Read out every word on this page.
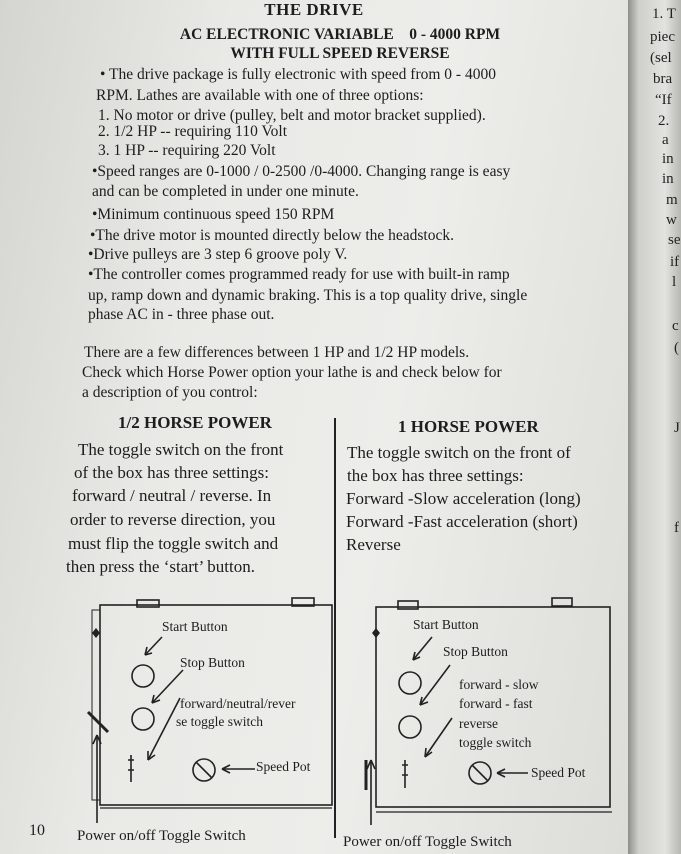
THE DRIVE
AC ELECTRONIC VARIABLE    0 - 4000 RPM
WITH FULL SPEED REVERSE
• The drive package is fully electronic with speed from 0 - 4000
RPM. Lathes are available with one of three options:
1. No motor or drive (pulley, belt and motor bracket supplied).
2. 1/2 HP -- requiring 110 Volt
3. 1 HP -- requiring 220 Volt
•Speed ranges are 0-1000 / 0-2500 /0-4000. Changing range is easy
and can be completed in under one minute.
•Minimum continuous speed 150 RPM
•The drive motor is mounted directly below the headstock.
•Drive pulleys are 3 step 6 groove poly V.
•The controller comes programmed ready for use with built-in ramp
up, ramp down and dynamic braking. This is a top quality drive, single
phase AC in - three phase out.
There are a few differences between 1 HP and 1/2 HP models.
Check which Horse Power option your lathe is and check below for
a description of you control:
1/2 HORSE POWER
The toggle switch on the front
of the box has three settings:
forward / neutral / reverse. In
order to reverse direction, you
must flip the toggle switch and
then press the ‘start’ button.
1 HORSE POWER
The toggle switch on the front of
the box has three settings:
Forward -Slow acceleration (long)
Forward -Fast acceleration (short)
Reverse
Start Button
Stop Button
forward/neutral/rever
se toggle switch
Speed Pot
Power on/off Toggle Switch
Start Button
Stop Button
forward - slow
forward - fast
reverse
toggle switch
Speed Pot
Power on/off Toggle Switch
10
1. T
piec
(sel
bra
“If
2.
a
in
in
m
w
se
if
l
c
(
J
f
